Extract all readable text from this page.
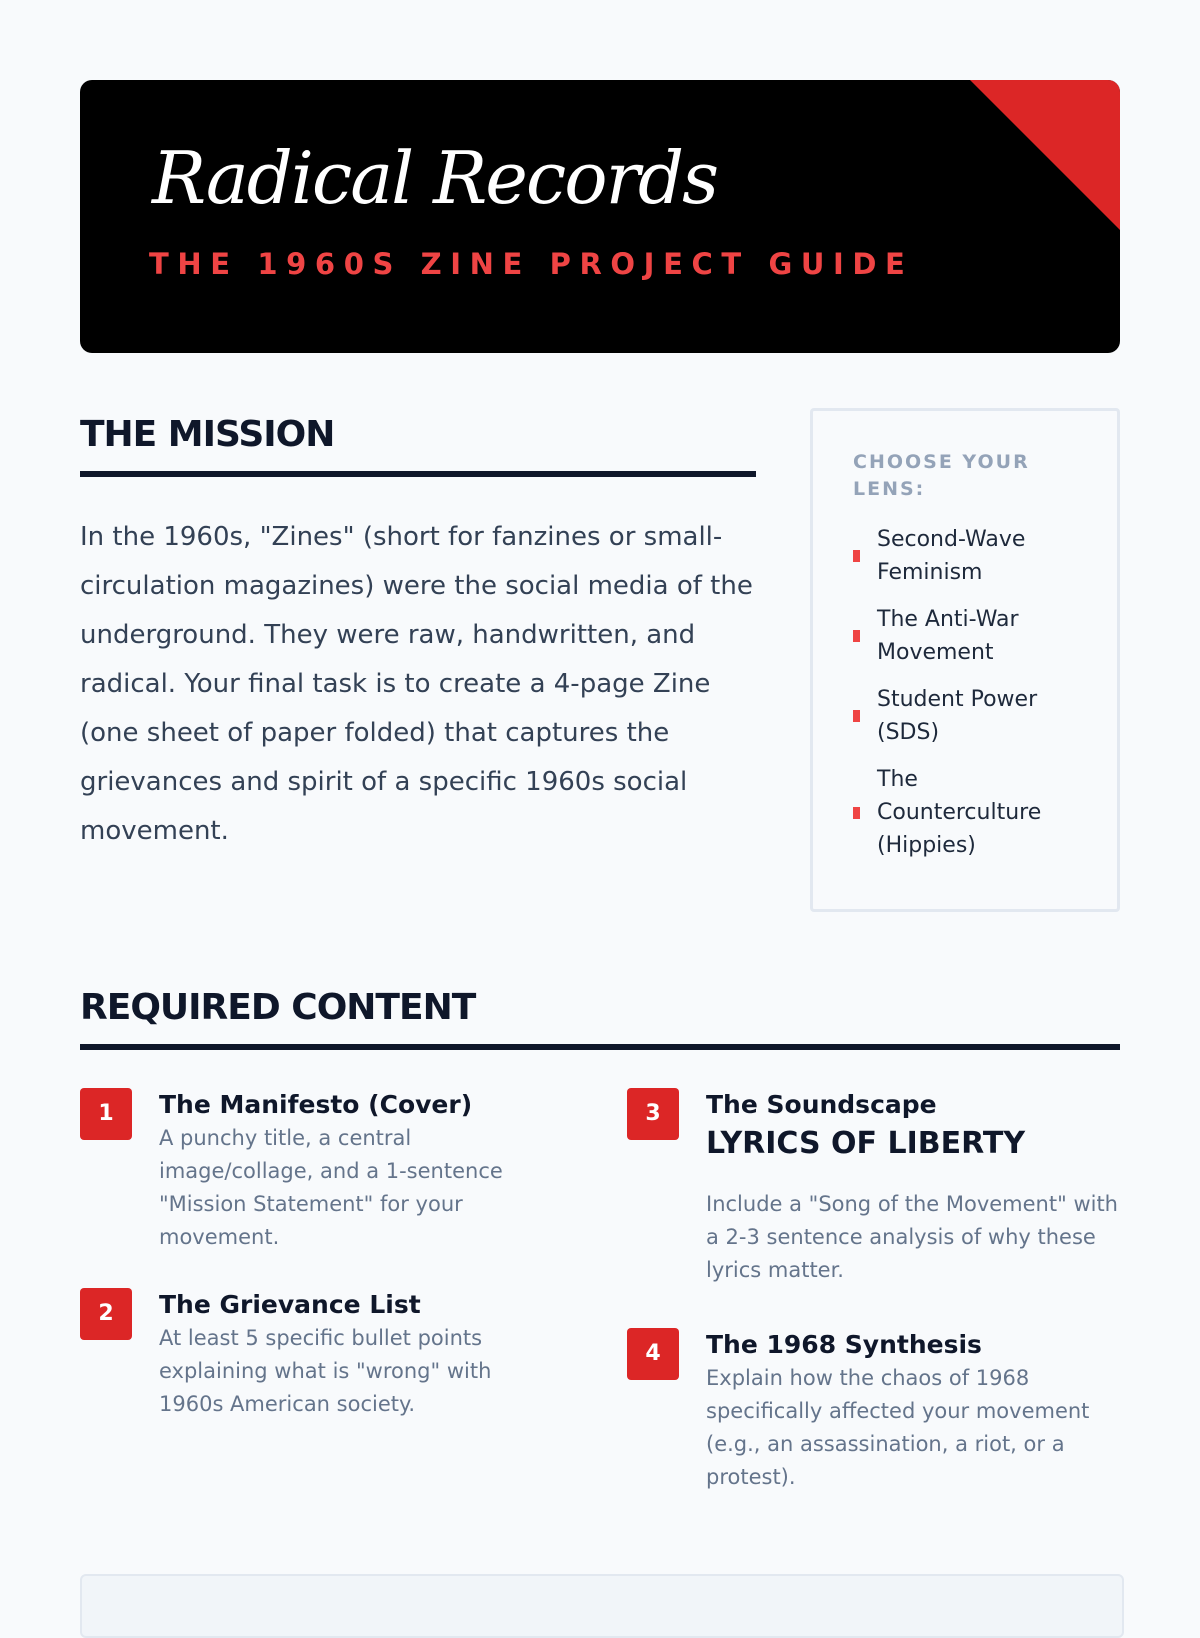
Radical Records
THE 1960S ZINE PROJECT GUIDE
THE MISSION

In the 1960s, "Zines" (short for fanzines or small-circulation magazines) were the social media of the underground. They were raw, handwritten, and radical. Your final task is to create a 4-page Zine (one sheet of paper folded) that captures the grievances and spirit of a specific 1960s social movement.

CHOOSE YOUR LENS:
Second-Wave Feminism
The Anti-War Movement
Student Power (SDS)
The Counterculture (Hippies)
REQUIRED CONTENT
1	The Manifesto (Cover)

A punchy title, a central image/collage, and a 1-sentence "Mission Statement" for your movement.

2	The Grievance List

At least 5 specific bullet points explaining what is "wrong" with 1960s American society.

3	The Soundscape

LYRICS OF LIBERTY

Include a "Song of the Movement" with a 2-3 sentence analysis of why these lyrics matter.

4	The 1968 Synthesis

Explain how the chaos of 1968 specifically affected your movement (e.g., an assassination, a riot, or a protest).
